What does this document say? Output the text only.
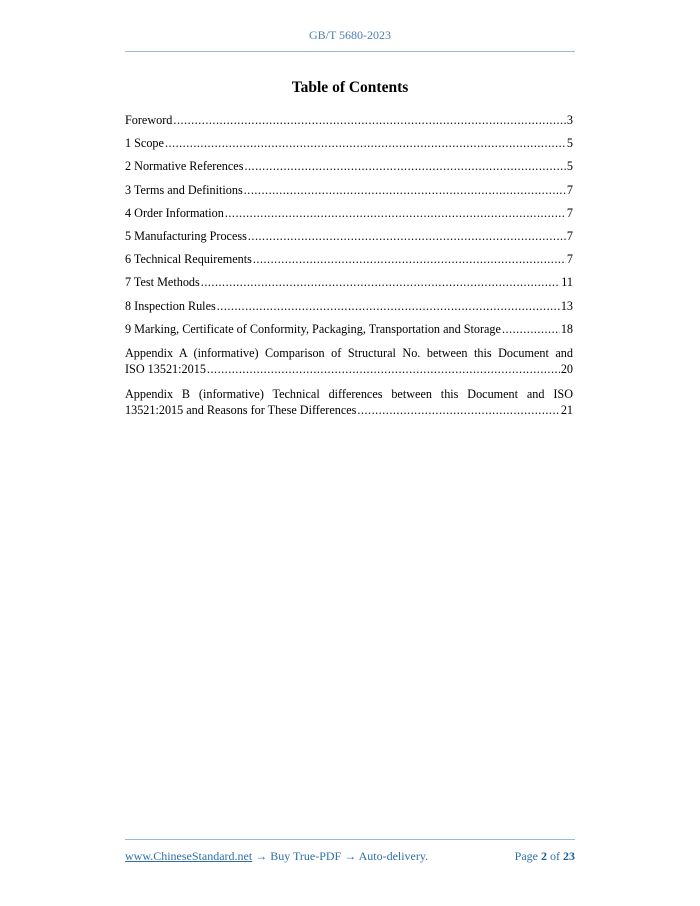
GB/T 5680-2023
Table of Contents
Foreword .....	3
1 Scope .....	5
2 Normative References .....	5
3 Terms and Definitions .....	7
4 Order Information .....	7
5 Manufacturing Process .....	7
6 Technical Requirements .....	7
7 Test Methods .....	11
8 Inspection Rules .....	13
9 Marking, Certificate of Conformity, Packaging, Transportation and Storage .....	18
Appendix A (informative) Comparison of Structural No. between this Document and
ISO 13521:2015 .....	20
Appendix B (informative) Technical differences between this Document and ISO
13521:2015 and Reasons for These Differences .....	21
www.ChineseStandard.net → Buy True-PDF → Auto-delivery.	Page 2 of 23
